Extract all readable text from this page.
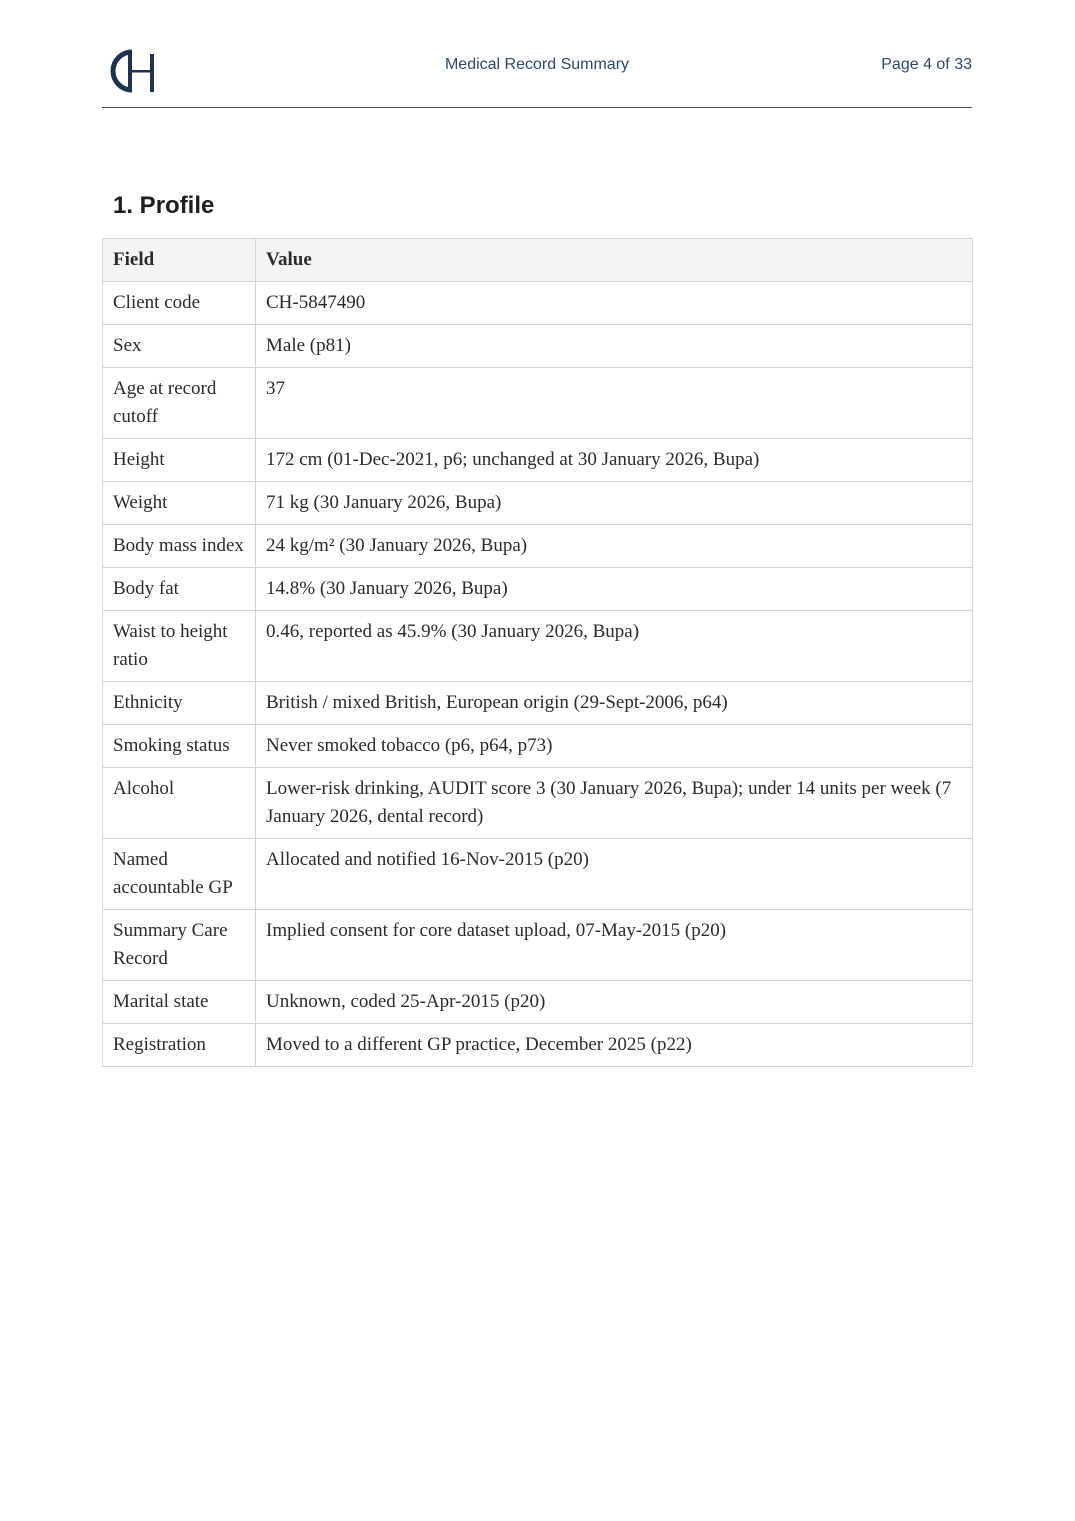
Medical Record Summary	Page 4 of 33
1. Profile
Field	Value
Client code	CH-5847490
Sex	Male (p81)
Age at record cutoff	37
Height	172 cm (01-Dec-2021, p6; unchanged at 30 January 2026, Bupa)
Weight	71 kg (30 January 2026, Bupa)
Body mass index	24 kg/m² (30 January 2026, Bupa)
Body fat	14.8% (30 January 2026, Bupa)
Waist to height ratio	0.46, reported as 45.9% (30 January 2026, Bupa)
Ethnicity	British / mixed British, European origin (29-Sept-2006, p64)
Smoking status	Never smoked tobacco (p6, p64, p73)
Alcohol	Lower-risk drinking, AUDIT score 3 (30 January 2026, Bupa); under 14 units per week (7 January 2026, dental record)
Named accountable GP	Allocated and notified 16-Nov-2015 (p20)
Summary Care Record	Implied consent for core dataset upload, 07-May-2015 (p20)
Marital state	Unknown, coded 25-Apr-2015 (p20)
Registration	Moved to a different GP practice, December 2025 (p22)
